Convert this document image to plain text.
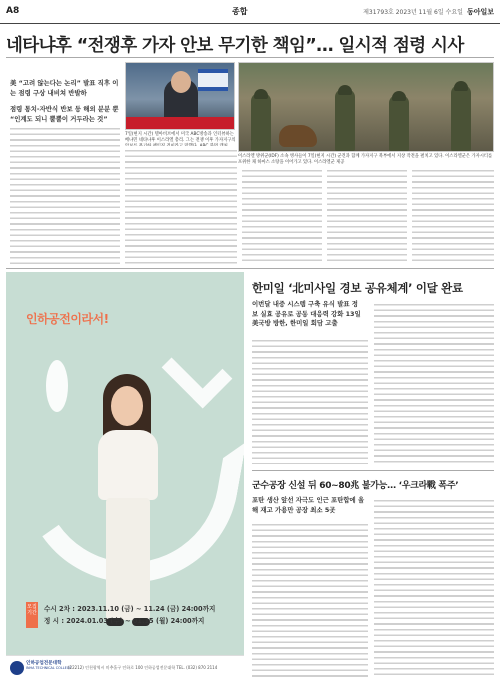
A8	종합	제31793호 2023년 11월 6일 수요일 동아일보
네타냐후 “전쟁후 가자 안보 무기한 책임”… 일시적 점령 시사
美 “고려 않는다는 논리” 발표 직후 이는 점령 구상 내비쳐 반발하
점령 통치-자반식 반보 등 해외 분분 뿐 “인계도 되니 뿔뿔이 거두라는 것”
7일(현지 시간) 텔아비브에서 미국 ABC방송과 인터뷰하는 베냐민 네타냐후 이스라엘 총리. 그는 전쟁 이후 가자지구의
이스라엘 방위군(IDF) 소속 병사들이 7일(현지 시간) 군견과 함께 가자지구 북부에서 지상 작전을 펼치고 있다. 이스라엘군은 가자시티를 포위한 채 하마스 소탕을 이어가고 있다. 이스라엘군 제공
인하공전이라서!
모집 기간 수시 2차 : 2023.11.10 (금) ~ 11.24 (금) 24:00까지
정 시 : 2024.01.03 (수) ~ 01.15 (월) 24:00까지
인하공업전문대학
INHA TECHNICAL COLLEGE
(22212) 인천광역시 미추홀구 인하로 100 인하공업전문대학 TEL. (032) 870 2114
한미일 ‘北미사일 경보 공유체계’ 이달 완료
이번달 내중 시스템 구축 유식 발표 정보 실효 공유로 공동 대응력 강화 13일 美국방 방한, 한미일 회담 고출
군수공장 신설 뒤 60~80兆 불가능… ‘우크라戰 폭주’
포탄 생산 앞선 자극도 인근 포탄합에 올해 재고 가용만 공장 최소 5곳
